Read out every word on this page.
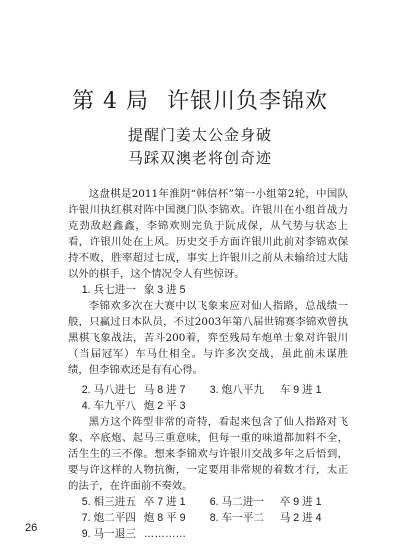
第 4 局 许银川负李锦欢
提醒门姜太公金身破
马踩双澳老将创奇迹

这盘棋是2011年淮阴“韩信杯”第一小组第2轮，中国队许银川执红棋对阵中国澳门队李锦欢。许银川在小组首战力克劲敌赵鑫鑫，李锦欢则完负于阮成保，从气势与状态上看，许银川处在上风。历史交手方面许银川此前对李锦欢保持不败，胜率超过七成，事实上许银川之前从未输给过大陆以外的棋手，这个情况令人有些惊讶。

1. 兵七进一 象 3 进 5

李锦欢多次在大赛中以飞象来应对仙人指路，总战绩一般，只赢过日本队员，不过2003年第八届世锦赛李锦欢曾执黑棋飞象战法，苦斗200着，弈至残局车炮单士象对许银川（当届冠军）车马仕相全。与许多次交战，虽此前未谋胜绩，但李锦欢还是有有心得。

2. 马八进七 马 8 进 7 3. 炮八平九 车 9 进 1
4. 车九平八 炮 2 平 3

黑方这个阵型非常的奇特，看起来包含了仙人指路对飞象、卒底炮、起马三重意味，但每一重的味道都加料不全，活生生的三不像。想来李锦欢与许银川交战多年之后悟到，要与许这样的人物抗衡，一定要用非常规的着数才行，太正的法子，在许面前不奏效。

5. 相三进五 卒 7 进 1 6. 马二进一 卒 9 进 1
7. 炮二平四 炮 8 平 9 8. 车一平二 马 2 进 4
9. 马一退三 …………
26
